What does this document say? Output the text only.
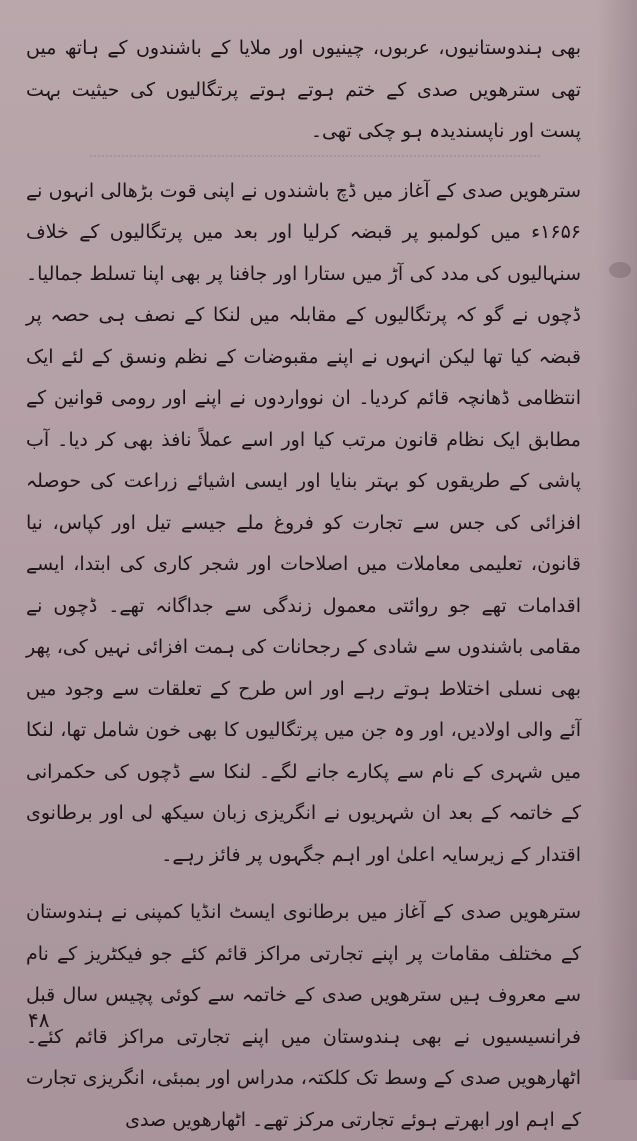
بھی ہندوستانیوں، عربوں، چینیوں اور ملایا کے باشندوں کے ہاتھ میں تھی سترھویں صدی کے ختم ہوتے ہوتے پرتگالیوں کی حیثیت بہت پست اور ناپسندیدہ ہو چکی تھی۔

سترھویں صدی کے آغاز میں ڈچ باشندوں نے اپنی قوت بڑھالی انہوں نے ۱۶۵۶ء میں کولمبو پر قبضہ کرلیا اور بعد میں پرتگالیوں کے خلاف سنہالیوں کی مدد کی آڑ میں ستارا اور جافنا پر بھی اپنا تسلط جمالیا۔ ڈچوں نے گو کہ پرتگالیوں کے مقابلہ میں لنکا کے نصف ہی حصہ پر قبضہ کیا تھا لیکن انہوں نے اپنے مقبوضات کے نظم ونسق کے لئے ایک انتظامی ڈھانچہ قائم کردیا۔ ان نوواردوں نے اپنے اور رومی قوانین کے مطابق ایک نظام قانون مرتب کیا اور اسے عملاً نافذ بھی کر دیا۔ آب پاشی کے طریقوں کو بہتر بنایا اور ایسی اشیائے زراعت کی حوصلہ افزائی کی جس سے تجارت کو فروغ ملے جیسے تیل اور کپاس، نیا قانون، تعلیمی معاملات میں اصلاحات اور شجر کاری کی ابتدا، ایسے اقدامات تھے جو روائتی معمول زندگی سے جداگانہ تھے۔ ڈچوں نے مقامی باشندوں سے شادی کے رجحانات کی ہمت افزائی نہیں کی، پھر بھی نسلی اختلاط ہوتے رہے اور اس طرح کے تعلقات سے وجود میں آئے والی اولادیں، اور وہ جن میں پرتگالیوں کا بھی خون شامل تھا، لنکا میں شہری کے نام سے پکارے جانے لگے۔ لنکا سے ڈچوں کی حکمرانی کے خاتمہ کے بعد ان شہریوں نے انگریزی زبان سیکھ لی اور برطانوی اقتدار کے زیرسایہ اعلیٰ اور اہم جگہوں پر فائز رہے۔

سترھویں صدی کے آغاز میں برطانوی ایسٹ انڈیا کمپنی نے ہندوستان کے مختلف مقامات پر اپنے تجارتی مراکز قائم کئے جو فیکٹریز کے نام سے معروف ہیں سترھویں صدی کے خاتمہ سے کوئی پچیس سال قبل فرانسیسیوں نے بھی ہندوستان میں اپنے تجارتی مراکز قائم کئے۔ اٹھارھویں صدی کے وسط تک کلکتہ، مدراس اور بمبئی، انگریزی تجارت کے اہم اور ابھرتے ہوئے تجارتی مرکز تھے۔ اٹھارھویں صدی

۴۸
